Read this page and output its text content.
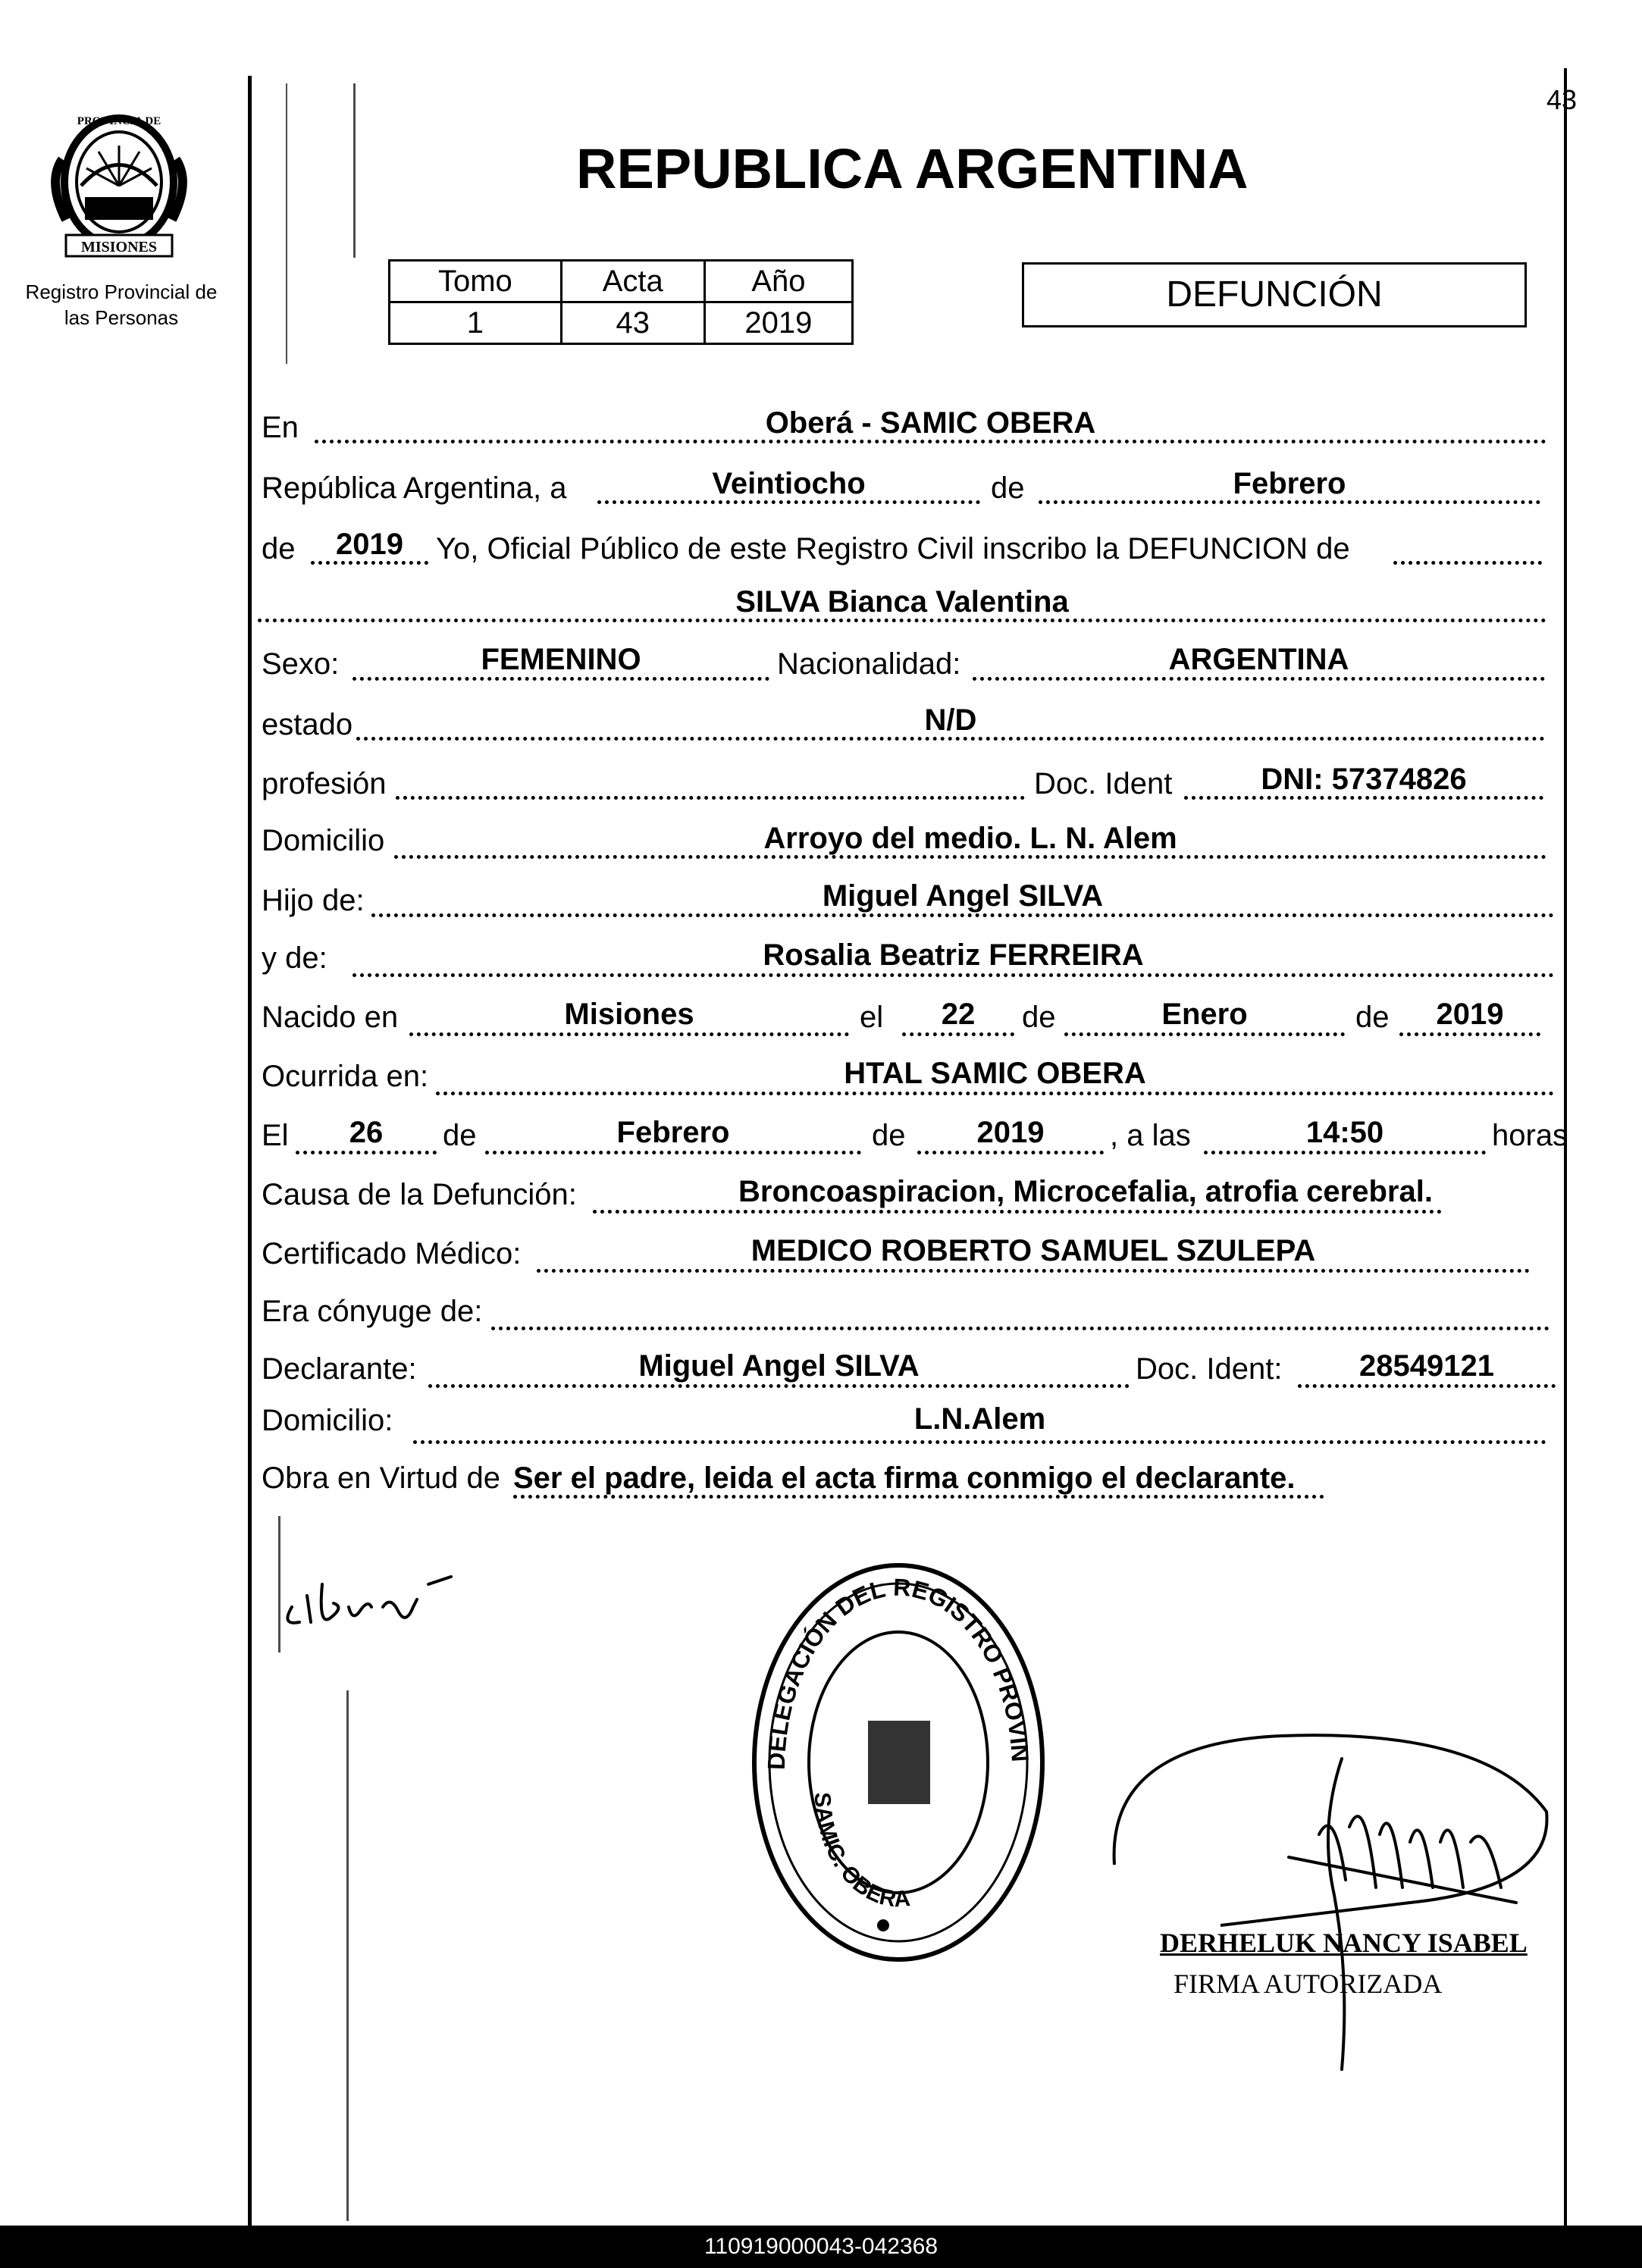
43
MISIONES
PROVINCIA DE
Registro Provincial de
las Personas
REPUBLICA ARGENTINA
Tomo	Acta	Año
1	43	2019
DEFUNCIÓN
En	Oberá - SAMIC OBERA
República Argentina, a	Veintiocho	de	Febrero
de	2019	Yo, Oficial Público de este Registro Civil inscribo la DEFUNCION de
SILVA Bianca Valentina
Sexo:	FEMENINO	Nacionalidad:	ARGENTINA
estado	N/D
profesión	Doc. Ident	DNI: 57374826
Domicilio	Arroyo del medio. L. N. Alem
Hijo de:	Miguel Angel SILVA
y de:	Rosalia Beatriz FERREIRA
Nacido en	Misiones	el	22	de	Enero	de	2019
Ocurrida en:	HTAL SAMIC OBERA
El	26	de	Febrero	de	2019	, a las	14:50	horas
Causa de la Defunción:	Broncoaspiracion, Microcefalia, atrofia cerebral.
Certificado Médico:	MEDICO ROBERTO SAMUEL SZULEPA
Era cónyuge de:
Declarante:	Miguel Angel SILVA	Doc. Ident:	28549121
Domicilio:	L.N.Alem
Obra en Virtud de Ser el padre, leida el acta firma conmigo el declarante.
DELEGACIÓN DEL REGISTRO PROVIN
SAMIC. OBERA
DERHELUK NANCY ISABEL
FIRMA AUTORIZADA
110919000043-042368
